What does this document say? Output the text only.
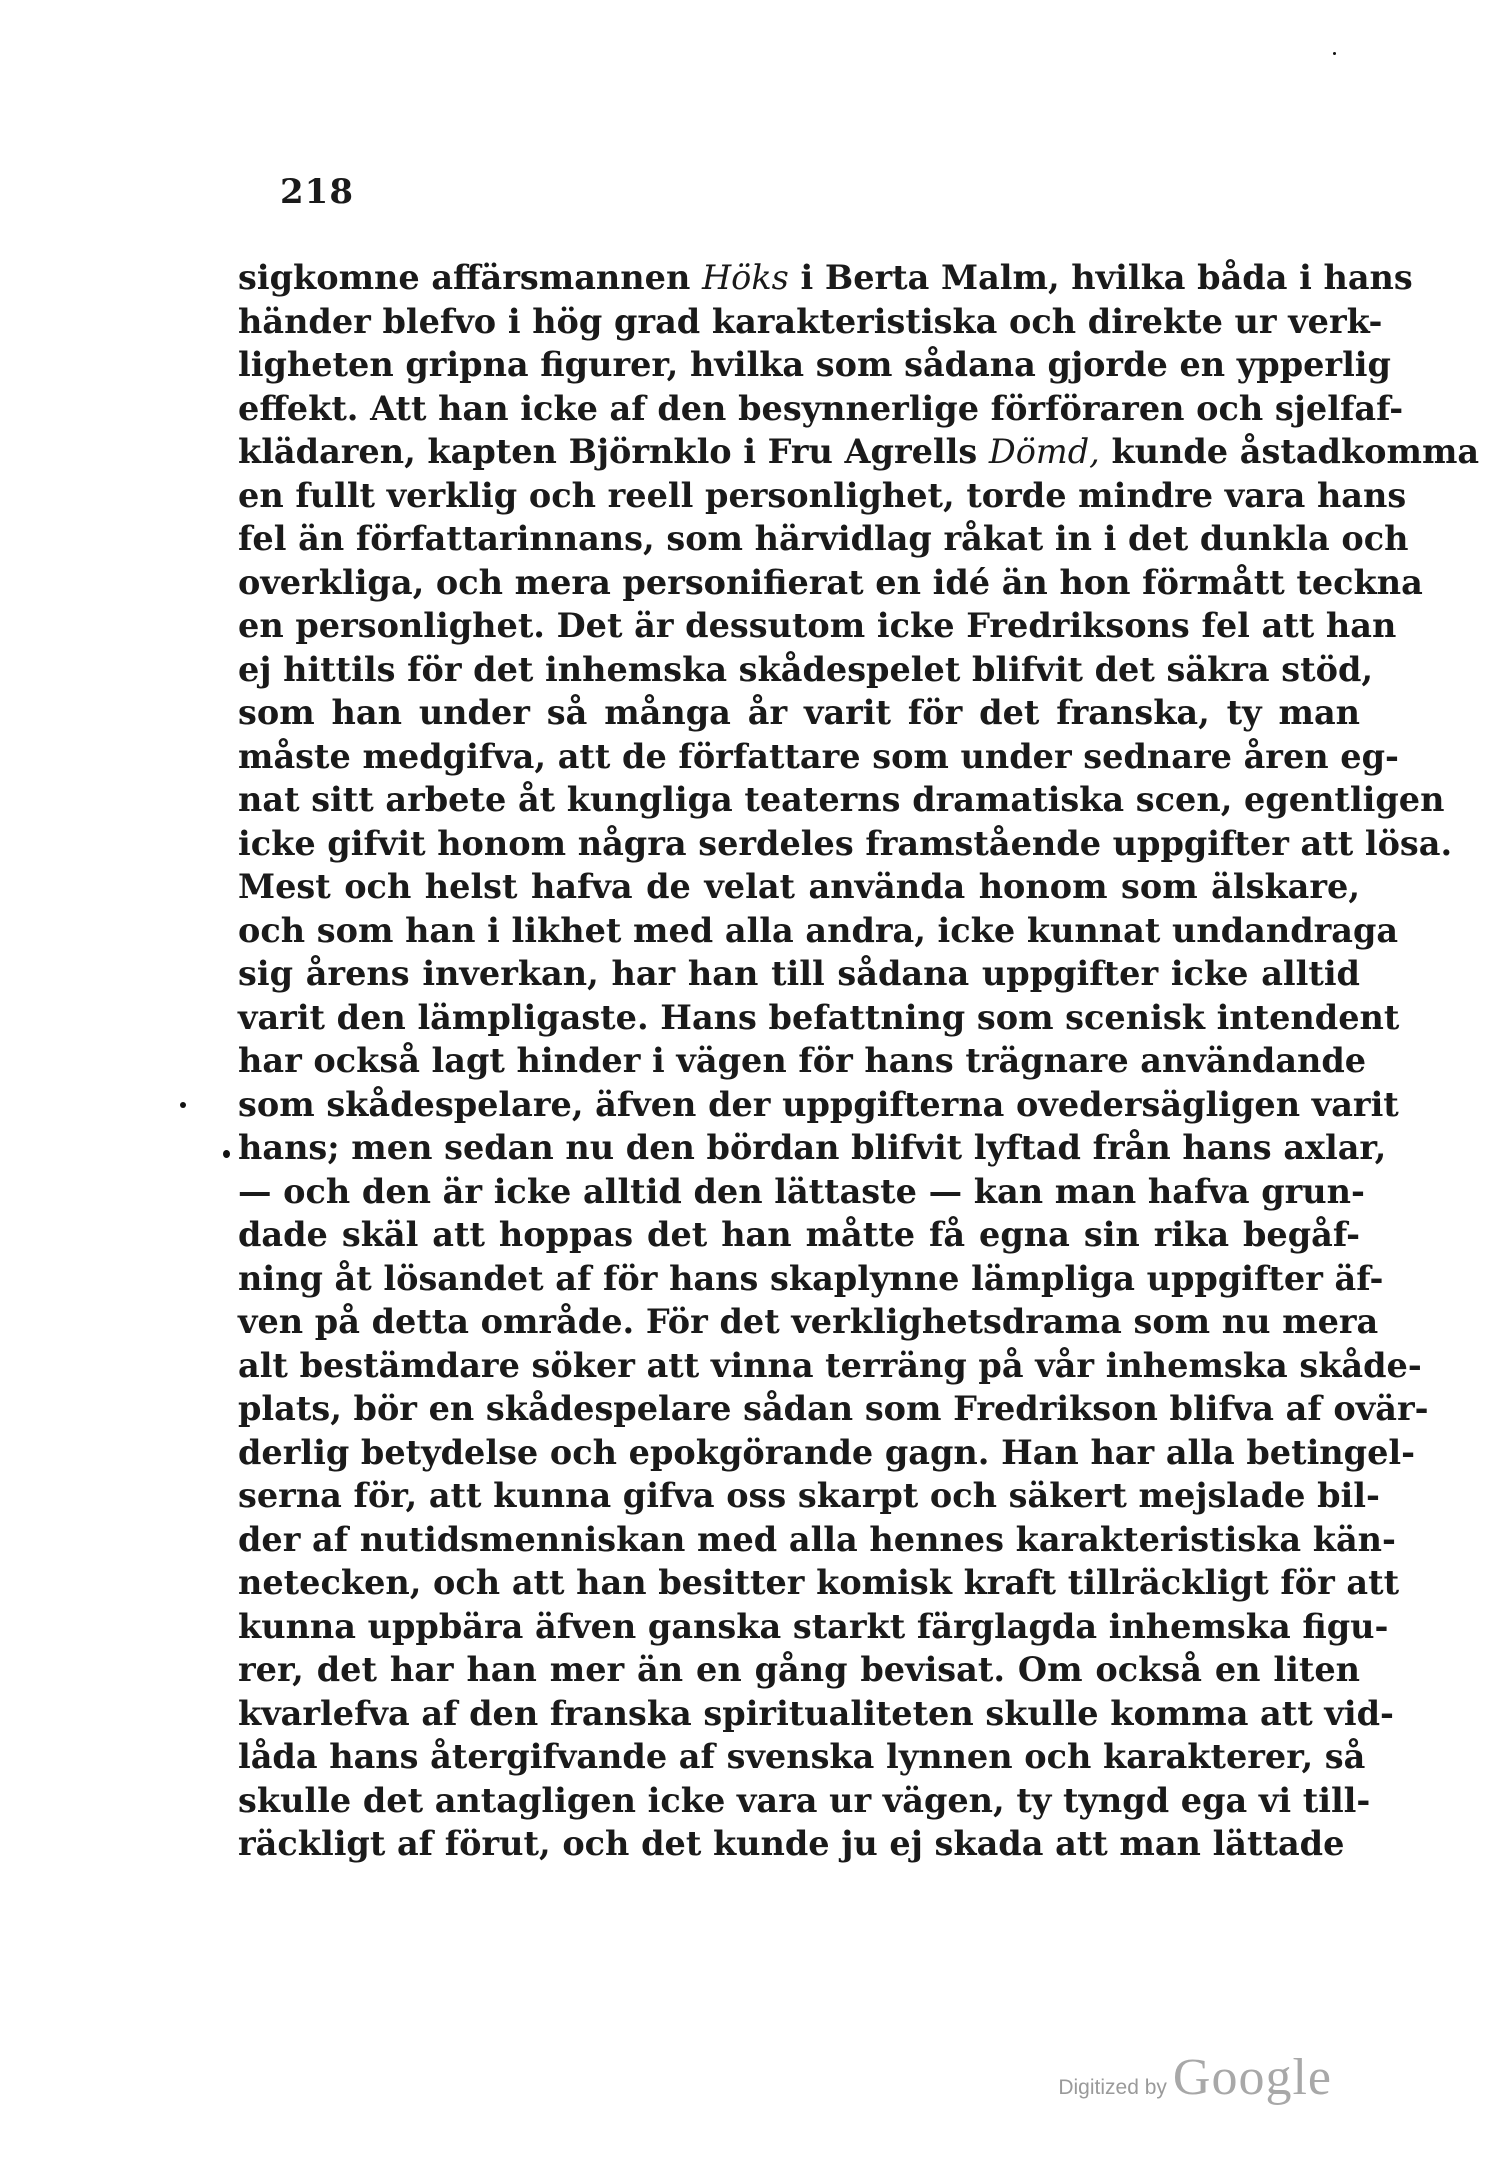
218
sigkomne affärsmannen Höks i Berta Malm, hvilka båda i hans
händer blefvo i hög grad karakteristiska och direkte ur verk-
ligheten gripna figurer, hvilka som sådana gjorde en ypperlig
effekt. Att han icke af den besynnerlige förföraren och sjelfaf-
klädaren, kapten Björnklo i Fru Agrells Dömd, kunde åstadkomma
en fullt verklig och reell personlighet, torde mindre vara hans
fel än författarinnans, som härvidlag råkat in i det dunkla och
overkliga, och mera personifierat en idé än hon förmått teckna
en personlighet. Det är dessutom icke Fredriksons fel att han
ej hittils för det inhemska skådespelet blifvit det säkra stöd,
som han under så många år varit för det franska, ty man
måste medgifva, att de författare som under sednare åren eg-
nat sitt arbete åt kungliga teaterns dramatiska scen, egentligen
icke gifvit honom några serdeles framstående uppgifter att lösa.
Mest och helst hafva de velat använda honom som älskare,
och som han i likhet med alla andra, icke kunnat undandraga
sig årens inverkan, har han till sådana uppgifter icke alltid
varit den lämpligaste. Hans befattning som scenisk intendent
har också lagt hinder i vägen för hans trägnare användande
som skådespelare, äfven der uppgifterna ovedersägligen varit
hans; men sedan nu den bördan blifvit lyftad från hans axlar,
— och den är icke alltid den lättaste — kan man hafva grun-
dade skäl att hoppas det han måtte få egna sin rika begåf-
ning åt lösandet af för hans skaplynne lämpliga uppgifter äf-
ven på detta område. För det verklighetsdrama som nu mera
alt bestämdare söker att vinna terräng på vår inhemska skåde-
plats, bör en skådespelare sådan som Fredrikson blifva af ovär-
derlig betydelse och epokgörande gagn. Han har alla betingel-
serna för, att kunna gifva oss skarpt och säkert mejslade bil-
der af nutidsmenniskan med alla hennes karakteristiska kän-
netecken, och att han besitter komisk kraft tillräckligt för att
kunna uppbära äfven ganska starkt färglagda inhemska figu-
rer, det har han mer än en gång bevisat. Om också en liten
kvarlefva af den franska spiritualiteten skulle komma att vid-
låda hans återgifvande af svenska lynnen och karakterer, så
skulle det antagligen icke vara ur vägen, ty tyngd ega vi till-
räckligt af förut, och det kunde ju ej skada att man lättade
Digitized by Google
